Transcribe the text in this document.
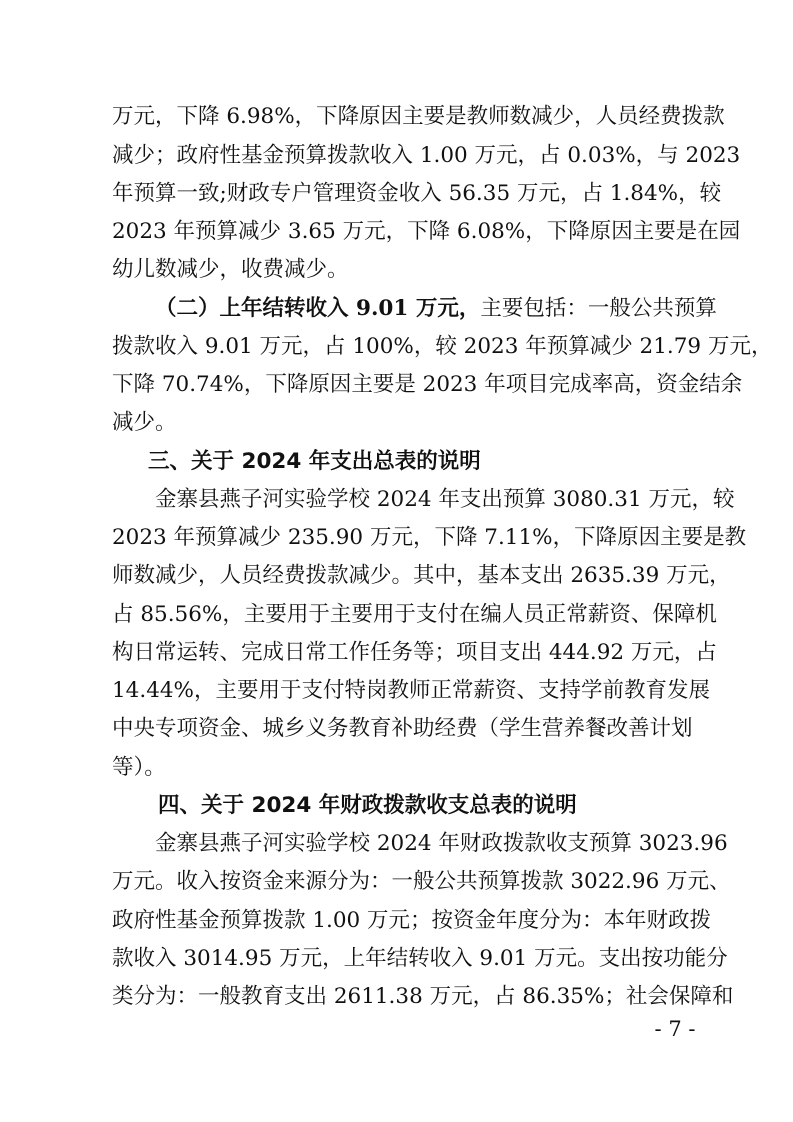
万元，下降 6.98%，下降原因主要是教师数减少，人员经费拨款
减少；政府性基金预算拨款收入 1.00 万元，占 0.03%，与 2023
年预算一致;财政专户管理资金收入 56.35 万元，占 1.84%，较
2023 年预算减少 3.65 万元，下降 6.08%，下降原因主要是在园
幼儿数减少，收费减少。
（二）上年结转收入 9.01 万元，主要包括：一般公共预算
拨款收入 9.01 万元，占 100%，较 2023 年预算减少 21.79 万元，
下降 70.74%，下降原因主要是 2023 年项目完成率高，资金结余
减少。
三、关于 2024 年支出总表的说明
金寨县燕子河实验学校 2024 年支出预算 3080.31 万元，较
2023 年预算减少 235.90 万元，下降 7.11%，下降原因主要是教
师数减少，人员经费拨款减少。其中，基本支出 2635.39 万元，
占 85.56%，主要用于主要用于支付在编人员正常薪资、保障机
构日常运转、完成日常工作任务等；项目支出 444.92 万元，占
14.44%，主要用于支付特岗教师正常薪资、支持学前教育发展
中央专项资金、城乡义务教育补助经费（学生营养餐改善计划
等）。
四、关于 2024 年财政拨款收支总表的说明
金寨县燕子河实验学校 2024 年财政拨款收支预算 3023.96
万元。收入按资金来源分为：一般公共预算拨款 3022.96 万元、
政府性基金预算拨款 1.00 万元；按资金年度分为：本年财政拨
款收入 3014.95 万元，上年结转收入 9.01 万元。支出按功能分
类分为：一般教育支出 2611.38 万元，占 86.35%；社会保障和
- 7 -
